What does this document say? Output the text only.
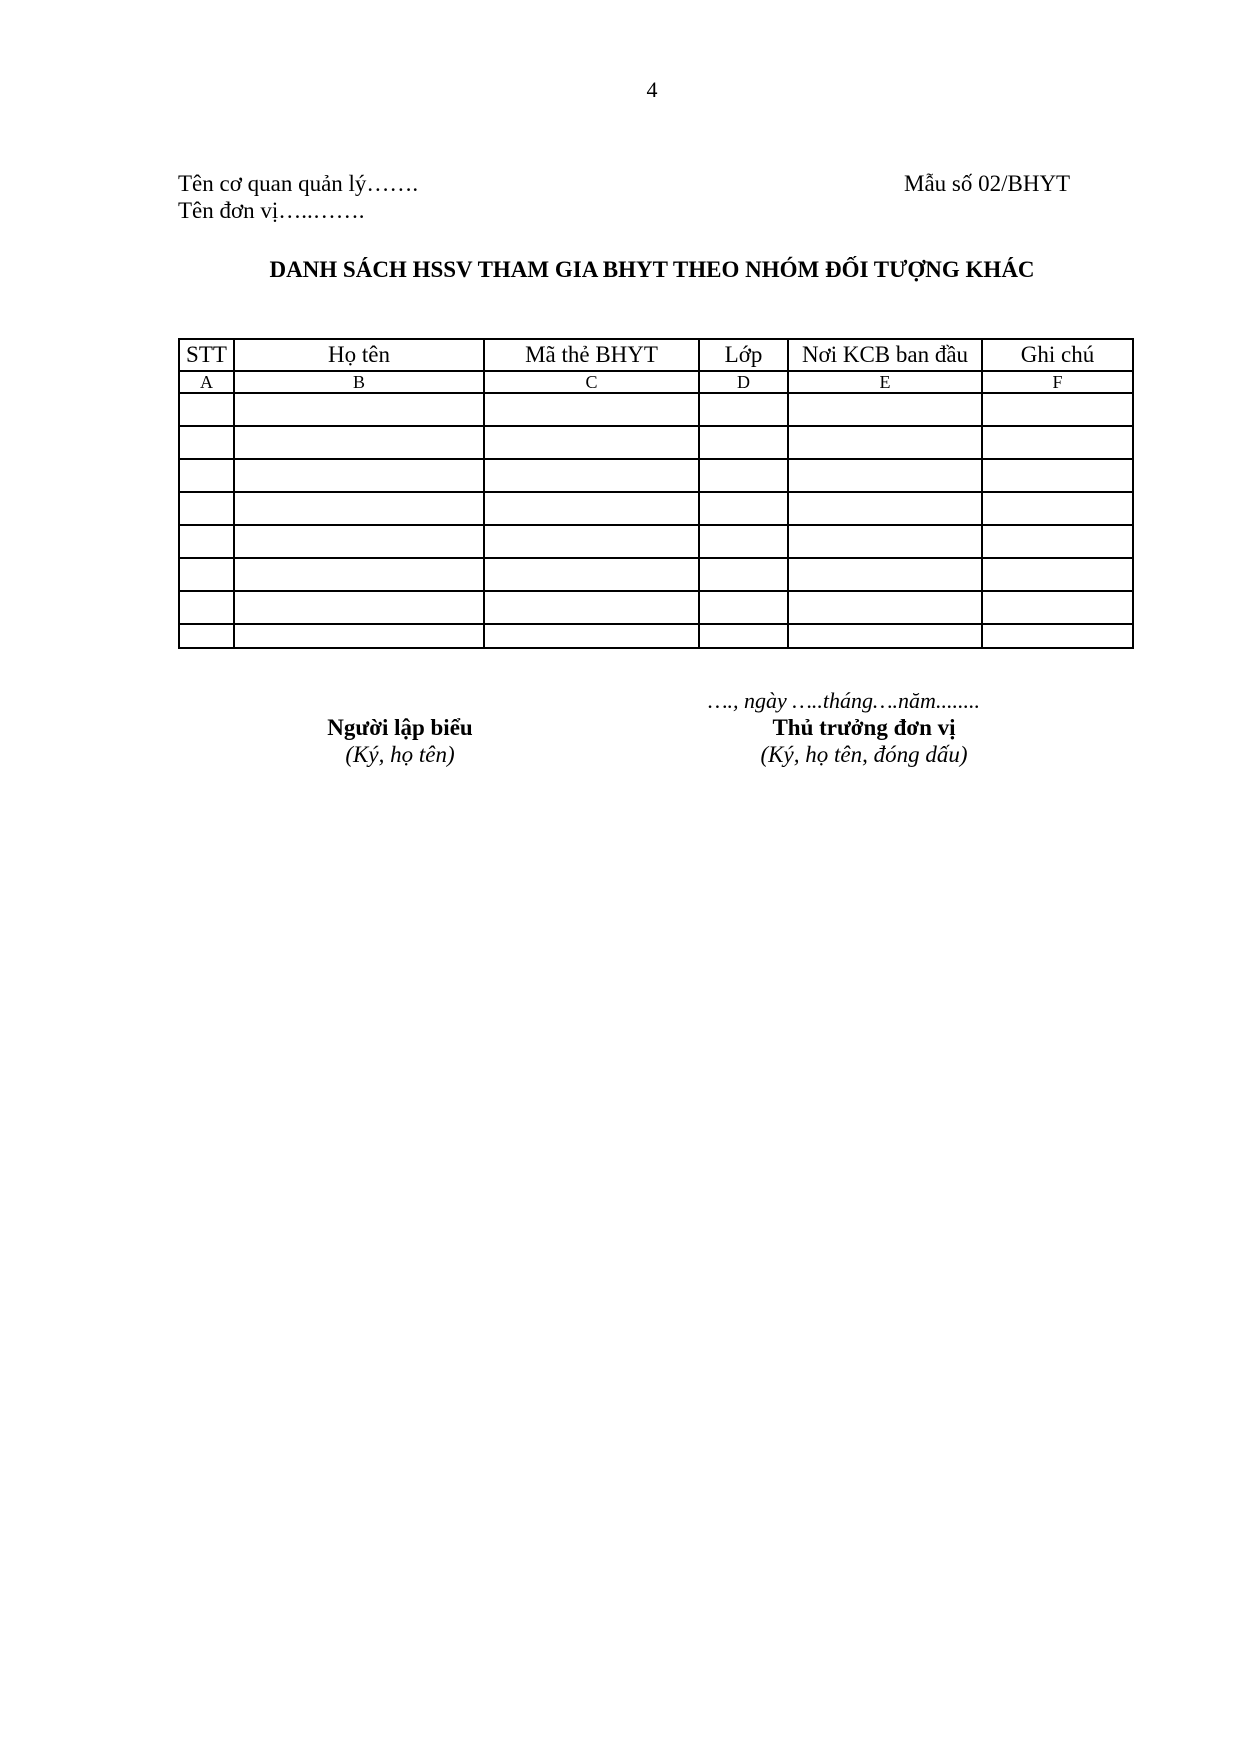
4
Tên cơ quan quản lý…….
Tên đơn vị…..…….
Mẫu số 02/BHYT
DANH SÁCH HSSV THAM GIA BHYT THEO NHÓM ĐỐI TƯỢNG KHÁC
STT	Họ tên	Mã thẻ BHYT	Lớp	Nơi KCB ban đầu	Ghi chú
A	B	C	D	E	F

…., ngày …..tháng….năm........
Người lập biểu
(Ký, họ tên)
Thủ trưởng đơn vị
(Ký, họ tên, đóng dấu)
